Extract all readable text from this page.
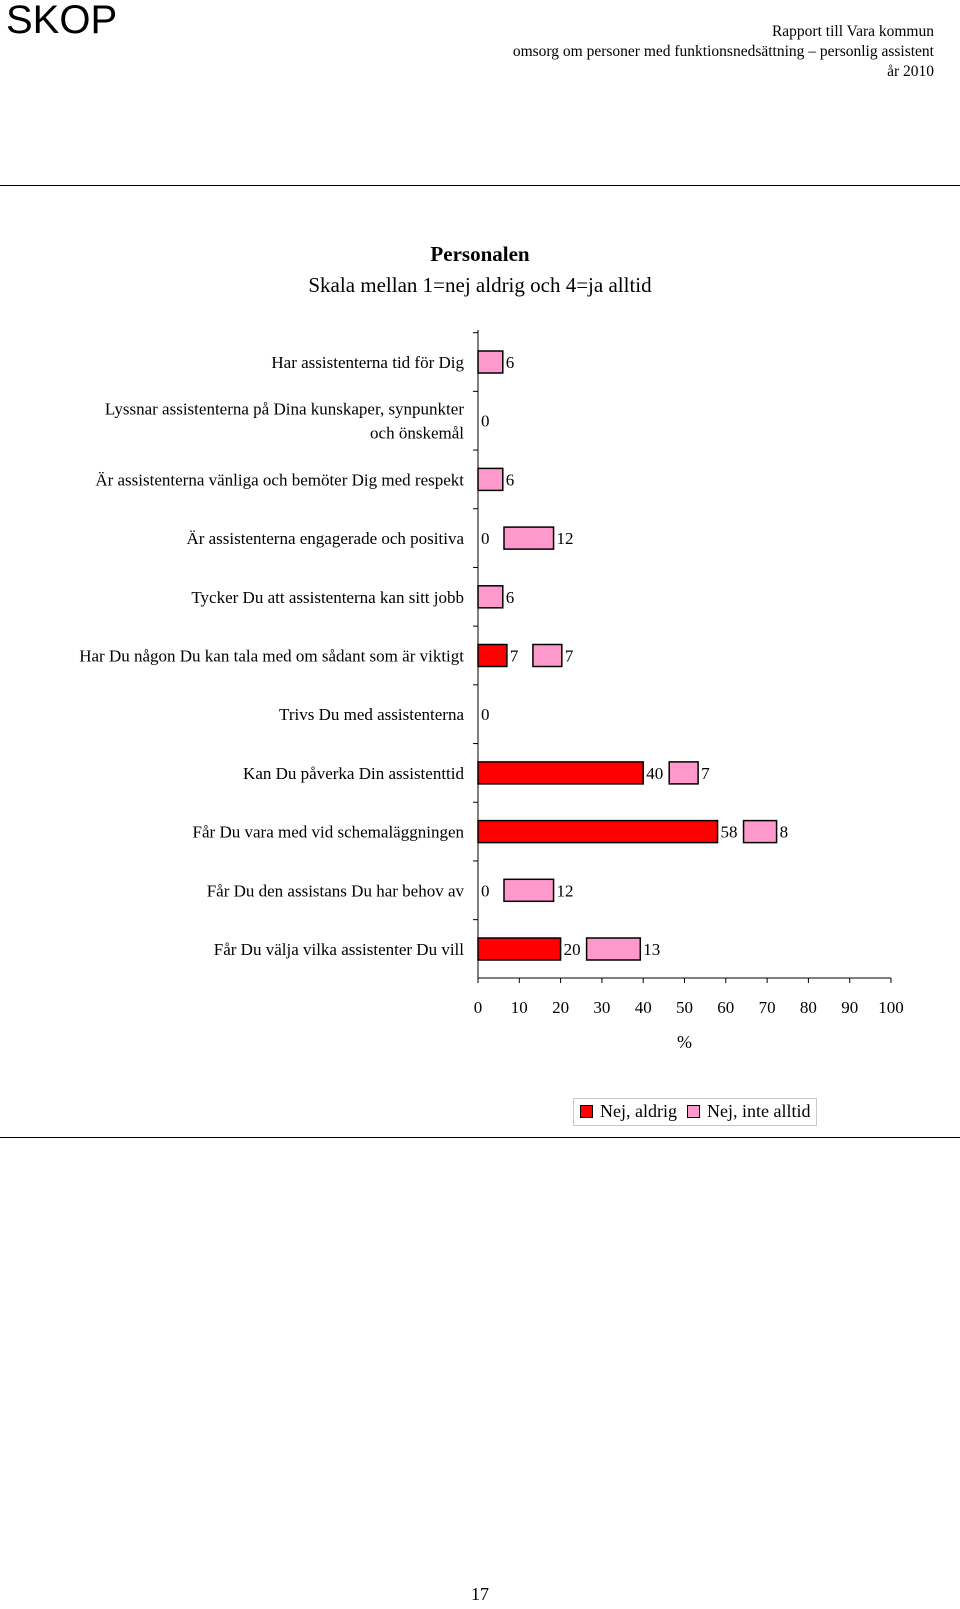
SKOP	Rapport till Vara kommun
omsorg om personer med funktionsnedsättning – personlig assistent
år 2010
Personalen
Skala mellan 1=nej aldrig och 4=ja alltid
Har assistenterna tid för Dig 6
Lyssnar assistenterna på Dina kunskaper, synpunkter
och önskemål
0
Är assistenterna vänliga och bemöter Dig med respekt 6
Är assistenterna engagerade och positiva 0	12
Tycker Du att assistenterna kan sitt jobb 6
Har Du någon Du kan tala med om sådant som är viktigt	7	7
Trivs Du med assistenterna 0
Kan Du påverka Din assistenttid	40 7
Får Du vara med vid schemaläggningen	58 8
Får Du den assistans Du har behov av 0	12
Får Du välja vilka assistenter Du vill	20	13
0 10 20 30 40 50 60 70 80 90 100
%
Nej, aldrig Nej, inte alltid
17
